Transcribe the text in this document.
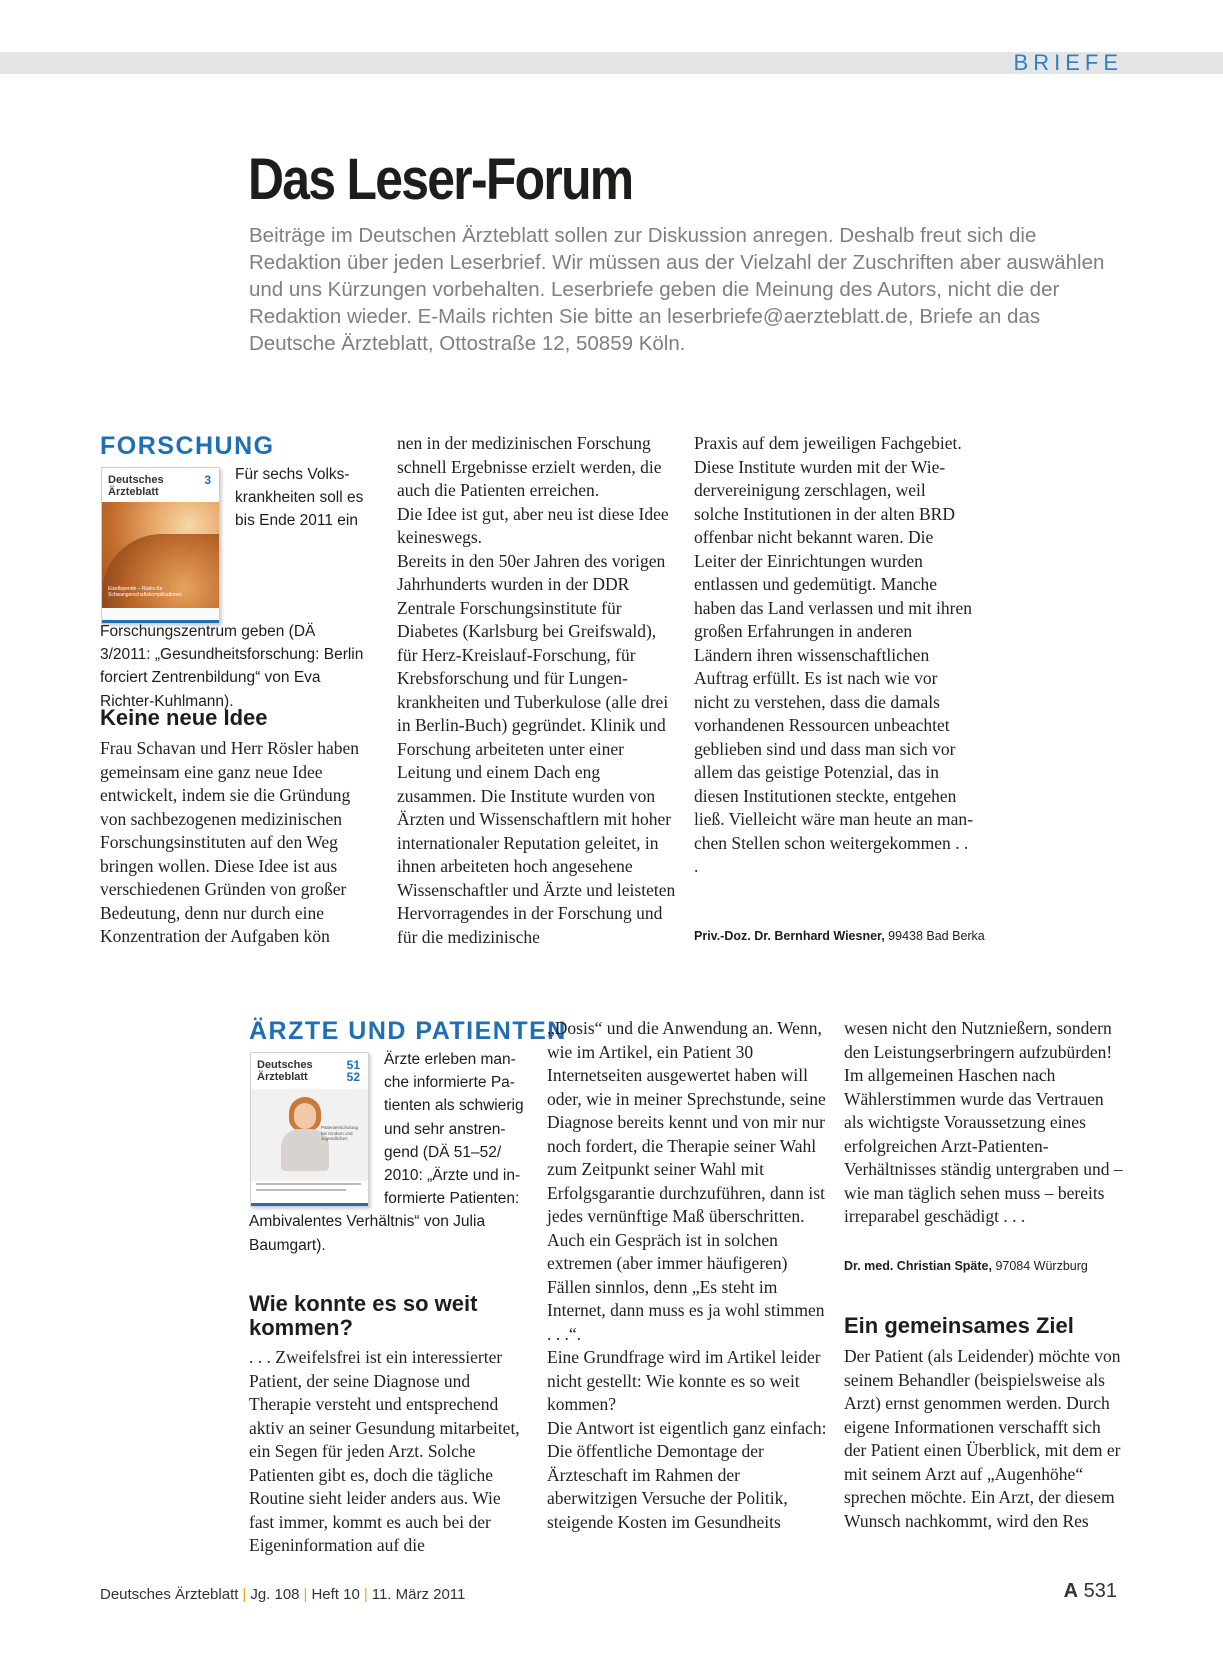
BRIEFE
Das Leser-Forum
Beiträge im Deutschen Ärzteblatt sollen zur Diskussion anregen. Deshalb freut sich die Redaktion über jeden Leserbrief. Wir müssen aus der Vielzahl der Zuschriften aber auswählen und uns Kürzungen vorbehalten. Leserbriefe geben die Meinung des Autors, nicht die der Redaktion wieder. E-Mails richten Sie bitte an leserbriefe@aerzteblatt.de, Briefe an das Deutsche Ärzteblatt, Ottostraße 12, 50859 Köln.
FORSCHUNG
Deutsches
Ärzteblatt
3
Eizellspende – Risiko für Schwangerschaftskomplikationen
Für sechs Volkskrankheiten soll es bis Ende 2011 ein Forschungszentrum geben (DÄ 3/2011: „Gesundheitsforschung: Berlin forciert Zentrenbildung“ von Eva Richter-Kuhlmann).
Keine neue Idee

Frau Schavan und Herr Rösler haben gemeinsam eine ganz neue Idee entwickelt, indem sie die Gründung von sachbezogenen medizinischen Forschungsinstituten auf den Weg bringen wollen. Diese Idee ist aus verschiedenen Gründen von großer Bedeutung, denn nur durch eine Konzentration der Aufgaben kön

nen in der medizinischen Forschung schnell Ergebnisse erzielt werden, die auch die Patienten erreichen.

Die Idee ist gut, aber neu ist diese Idee keineswegs.

Bereits in den 50er Jahren des vorigen Jahrhunderts wurden in der DDR Zentrale Forschungsinstitute für Diabetes (Karlsburg bei Greifswald), für Herz-Kreislauf-Forschung, für Krebsforschung und für Lungenkrankheiten und Tuberkulose (alle drei in Berlin-Buch) gegründet. Klinik und Forschung arbeiteten unter einer Leitung und einem Dach eng zusammen. Die Institute wurden von Ärzten und Wissenschaftlern mit hoher internationaler Reputation geleitet, in ihnen arbeiteten hoch angesehene Wissenschaftler und Ärzte und leisteten Hervorragendes in der Forschung und für die medizinische

Praxis auf dem jeweiligen Fachgebiet.

Diese Institute wurden mit der Wiedervereinigung zerschlagen, weil solche Institutionen in der alten BRD offenbar nicht bekannt waren. Die Leiter der Einrichtungen wurden entlassen und gedemütigt. Manche haben das Land verlassen und mit ihren großen Erfahrungen in anderen Ländern ihren wissenschaftlichen Auftrag erfüllt. Es ist nach wie vor nicht zu verstehen, dass die damals vorhandenen Ressourcen unbeachtet geblieben sind und dass man sich vor allem das geistige Potenzial, das in diesen Institutionen steckte, entgehen ließ. Vielleicht wäre man heute an manchen Stellen schon weitergekommen . . .

Priv.-Doz. Dr. Bernhard Wiesner, 99438 Bad Berka
ÄRZTE UND PATIENTEN
Deutsches
Ärzteblatt
51
52
Patientenschulung bei Kindern und Jugendlichen
Ärzte erleben manche informierte Patienten als schwierig und sehr anstrengend (DÄ 51–52/ 2010: „Ärzte und informierte Patienten: Ambivalentes Verhältnis“ von Julia Baumgart).
Wie konnte es so weit kommen?

. . . Zweifelsfrei ist ein interessierter Patient, der seine Diagnose und Therapie versteht und entsprechend aktiv an seiner Gesundung mitarbeitet, ein Segen für jeden Arzt. Solche Patienten gibt es, doch die tägliche Routine sieht leider anders aus. Wie fast immer, kommt es auch bei der Eigeninformation auf die

„Dosis“ und die Anwendung an. Wenn, wie im Artikel, ein Patient 30 Internetseiten ausgewertet haben will oder, wie in meiner Sprechstunde, seine Diagnose bereits kennt und von mir nur noch fordert, die Therapie seiner Wahl zum Zeitpunkt seiner Wahl mit Erfolgsgarantie durchzuführen, dann ist jedes vernünftige Maß überschritten.

Auch ein Gespräch ist in solchen extremen (aber immer häufigeren) Fällen sinnlos, denn „Es steht im Internet, dann muss es ja wohl stimmen . . .“.

Eine Grundfrage wird im Artikel leider nicht gestellt: Wie konnte es so weit kommen?

Die Antwort ist eigentlich ganz einfach: Die öffentliche Demontage der Ärzteschaft im Rahmen der aberwitzigen Versuche der Politik, steigende Kosten im Gesundheits

wesen nicht den Nutznießern, sondern den Leistungserbringern aufzubürden!

Im allgemeinen Haschen nach Wählerstimmen wurde das Vertrauen als wichtigste Voraussetzung eines erfolgreichen Arzt-Patienten-Verhältnisses ständig untergraben und – wie man täglich sehen muss – bereits irreparabel geschädigt . . .

Dr. med. Christian Späte, 97084 Würzburg
Ein gemeinsames Ziel

Der Patient (als Leidender) möchte von seinem Behandler (beispielsweise als Arzt) ernst genommen werden. Durch eigene Informationen verschafft sich der Patient einen Überblick, mit dem er mit seinem Arzt auf „Augenhöhe“ sprechen möchte. Ein Arzt, der diesem Wunsch nachkommt, wird den Res

Deutsches Ärzteblatt | Jg. 108 | Heft 10 | 11. März 2011	A 531
